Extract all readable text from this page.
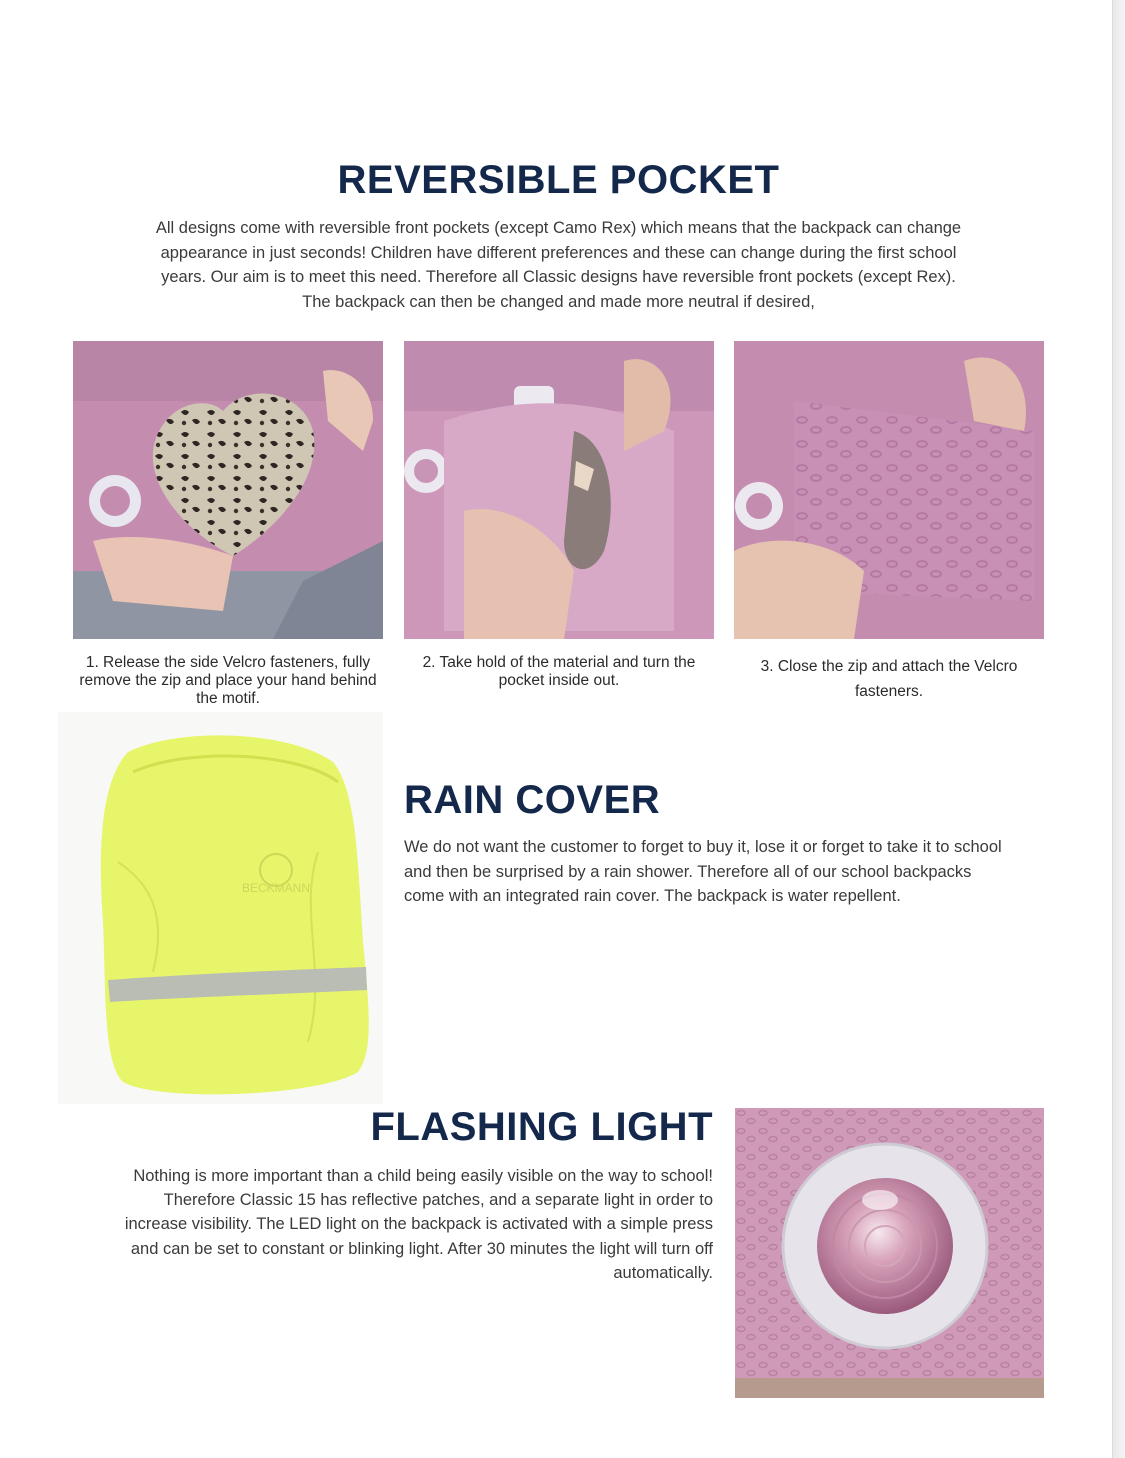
REVERSIBLE POCKET

All designs come with reversible front pockets (except Camo Rex) which means that the backpack can change appearance in just seconds! Children have different preferences and these can change during the first school years. Our aim is to meet this need. Therefore all Classic designs have reversible front pockets (except Rex). The backpack can then be changed and made more neutral if desired,

1. Release the side Velcro fasteners, fully remove the zip and place your hand behind the motif.
2. Take hold of the material and turn the pocket inside out.
3. Close the zip and attach the Velcro fasteners.
BECKMANN
RAIN COVER

We do not want the customer to forget to buy it, lose it or forget to take it to school and then be surprised by a rain shower. Therefore all of our school backpacks come with an integrated rain cover. The backpack is water repellent.

FLASHING LIGHT

Nothing is more important than a child being easily visible on the way to school! Therefore Classic 15 has reflective patches, and a separate light in order to increase visibility. The LED light on the backpack is activated with a simple press and can be set to constant or blinking light. After 30 minutes the light will turn off automatically.
